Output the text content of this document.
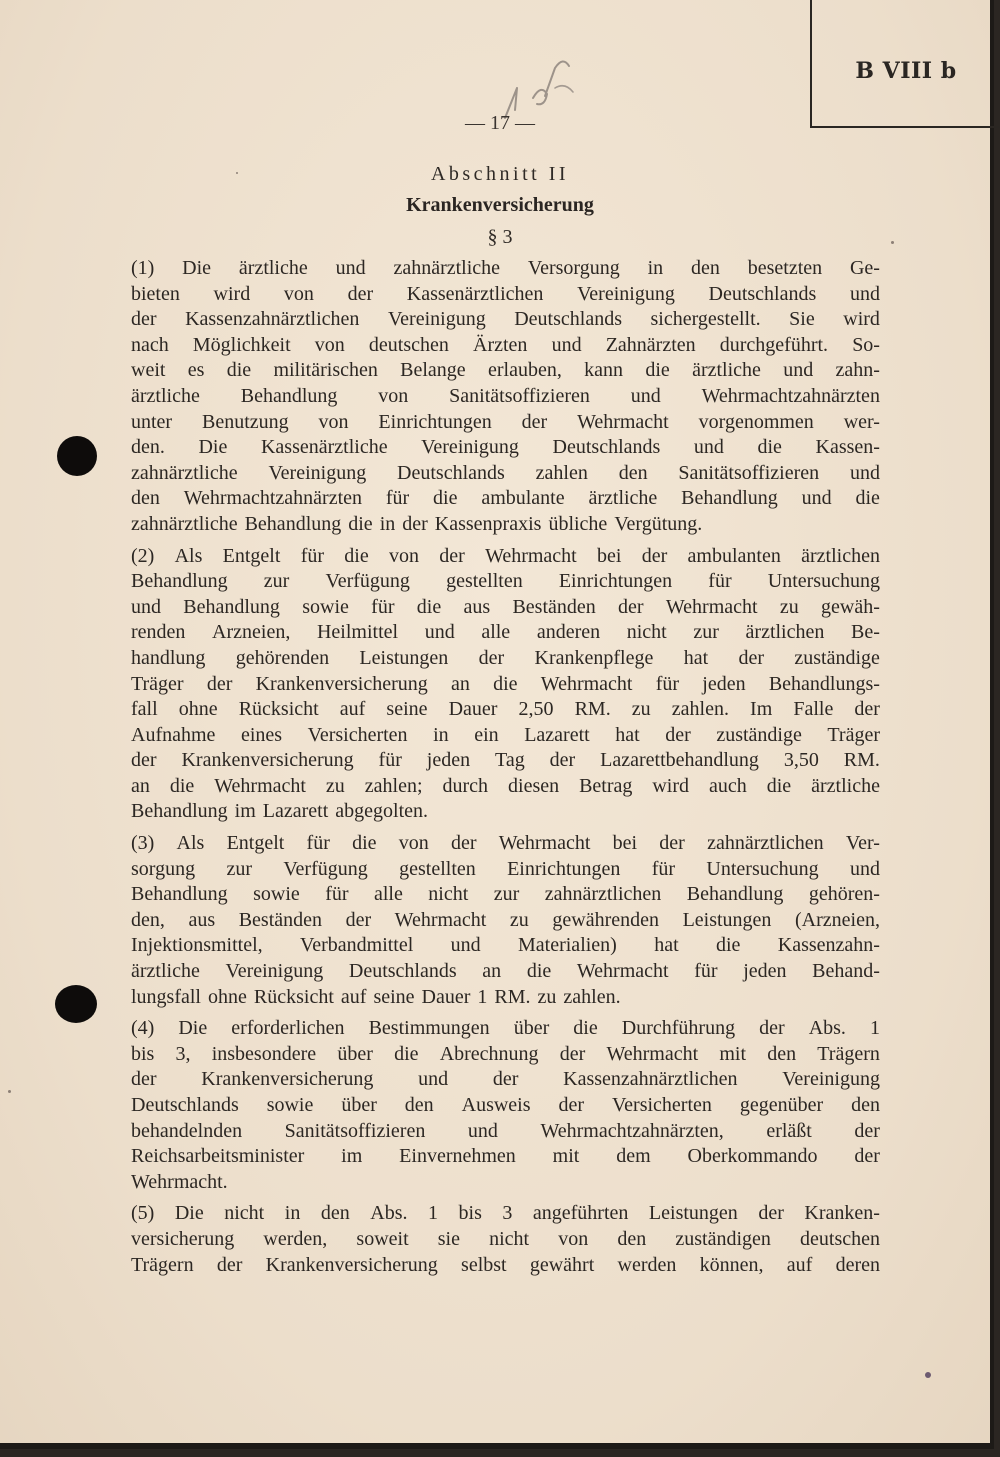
B VIII b
— 17 —
Abschnitt II
Krankenversicherung
§ 3
(1) Die ärztliche und zahnärztliche Versorgung in den besetzten Ge-
bieten wird von der Kassenärztlichen Vereinigung Deutschlands und
der Kassenzahnärztlichen Vereinigung Deutschlands sichergestellt. Sie wird
nach Möglichkeit von deutschen Ärzten und Zahnärzten durchgeführt. So-
weit es die militärischen Belange erlauben, kann die ärztliche und zahn-
ärztliche Behandlung von Sanitätsoffizieren und Wehrmachtzahnärzten
unter Benutzung von Einrichtungen der Wehrmacht vorgenommen wer-
den. Die Kassenärztliche Vereinigung Deutschlands und die Kassen-
zahnärztliche Vereinigung Deutschlands zahlen den Sanitätsoffizieren und
den Wehrmachtzahnärzten für die ambulante ärztliche Behandlung und die
zahnärztliche Behandlung die in der Kassenpraxis übliche Vergütung.
(2) Als Entgelt für die von der Wehrmacht bei der ambulanten ärztlichen
Behandlung zur Verfügung gestellten Einrichtungen für Untersuchung
und Behandlung sowie für die aus Beständen der Wehrmacht zu gewäh-
renden Arzneien, Heilmittel und alle anderen nicht zur ärztlichen Be-
handlung gehörenden Leistungen der Krankenpflege hat der zuständige
Träger der Krankenversicherung an die Wehrmacht für jeden Behandlungs-
fall ohne Rücksicht auf seine Dauer 2,50 RM. zu zahlen. Im Falle der
Aufnahme eines Versicherten in ein Lazarett hat der zuständige Träger
der Krankenversicherung für jeden Tag der Lazarettbehandlung 3,50 RM.
an die Wehrmacht zu zahlen; durch diesen Betrag wird auch die ärztliche
Behandlung im Lazarett abgegolten.
(3) Als Entgelt für die von der Wehrmacht bei der zahnärztlichen Ver-
sorgung zur Verfügung gestellten Einrichtungen für Untersuchung und
Behandlung sowie für alle nicht zur zahnärztlichen Behandlung gehören-
den, aus Beständen der Wehrmacht zu gewährenden Leistungen (Arzneien,
Injektionsmittel, Verbandmittel und Materialien) hat die Kassenzahn-
ärztliche Vereinigung Deutschlands an die Wehrmacht für jeden Behand-
lungsfall ohne Rücksicht auf seine Dauer 1 RM. zu zahlen.
(4) Die erforderlichen Bestimmungen über die Durchführung der Abs. 1
bis 3, insbesondere über die Abrechnung der Wehrmacht mit den Trägern
der Krankenversicherung und der Kassenzahnärztlichen Vereinigung
Deutschlands sowie über den Ausweis der Versicherten gegenüber den
behandelnden Sanitätsoffizieren und Wehrmachtzahnärzten, erläßt der
Reichsarbeitsminister im Einvernehmen mit dem Oberkommando der
Wehrmacht.
(5) Die nicht in den Abs. 1 bis 3 angeführten Leistungen der Kranken-
versicherung werden, soweit sie nicht von den zuständigen deutschen
Trägern der Krankenversicherung selbst gewährt werden können, auf deren
